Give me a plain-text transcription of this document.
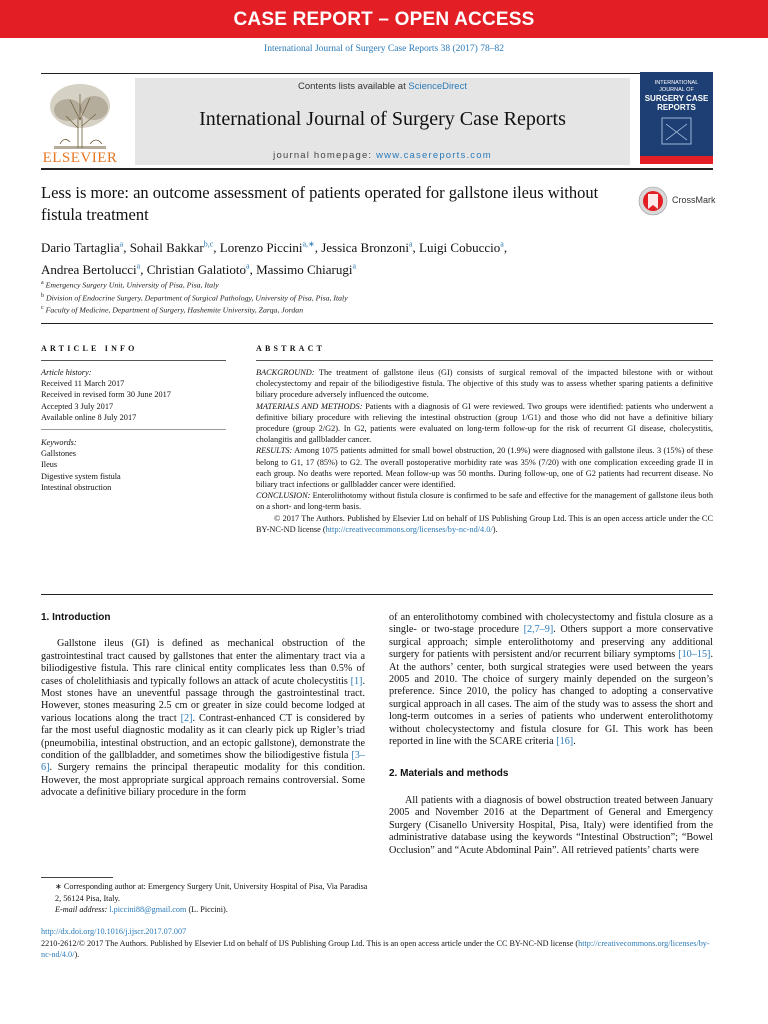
CASE REPORT – OPEN ACCESS
International Journal of Surgery Case Reports 38 (2017) 78–82
ELSEVIER
Contents lists available at ScienceDirect
International Journal of Surgery Case Reports
journal homepage: www.casereports.com
INTERNATIONAL JOURNAL OF
SURGERY CASE REPORTS
Less is more: an outcome assessment of patients operated for gallstone ileus without fistula treatment
CrossMark
Dario Tartaglia$^a$, Sohail Bakkar$^{b,c}$, Lorenzo Piccini$^{a,∗}$, Jessica Bronzoni$^a$, Luigi Cobuccio$^a$,
Andrea Bertolucci$^a$, Christian Galatioto$^a$, Massimo Chiarugi$^a$
$^a$ Emergency Surgery Unit, University of Pisa, Pisa, Italy
$^b$ Division of Endocrine Surgery, Department of Surgical Pathology, University of Pisa, Pisa, Italy
$^c$ Faculty of Medicine, Department of Surgery, Hashemite University, Zarqa, Jordan
ARTICLE INFO	ABSTRACT
Article history:
Received 11 March 2017
Received in revised form 30 June 2017
Accepted 3 July 2017
Available online 8 July 2017
Keywords:
Gallstones
Ileus
Digestive system fistula
Intestinal obstruction
BACKGROUND: The treatment of gallstone ileus (GI) consists of surgical removal of the impacted bilestone with or without cholecystectomy and repair of the biliodigestive fistula. The objective of this study was to assess whether sparing patients a definitive biliary procedure adversely influenced the outcome.
MATERIALS AND METHODS: Patients with a diagnosis of GI were reviewed. Two groups were identified: patients who underwent a definitive biliary procedure with relieving the intestinal obstruction (group 1/G1) and those who did not have a definitive biliary procedure (group 2/G2). In G2, patients were evaluated on long-term follow-up for the risk of recurrent GI disease, cholecystitis, cholangitis and gallbladder cancer.
RESULTS: Among 1075 patients admitted for small bowel obstruction, 20 (1.9%) were diagnosed with gallstone ileus. 3 (15%) of these belong to G1, 17 (85%) to G2. The overall postoperative morbidity rate was 35% (7/20) with one complication exceeding grade II in each group. No deaths were reported. Mean follow-up was 50 months. During follow-up, one of G2 patients had recurrent disease. No biliary tract infections or gallbladder cancer were identified.
CONCLUSION: Enterolithotomy without fistula closure is confirmed to be safe and effective for the management of gallstone ileus both on a short- and long-term basis.
© 2017 The Authors. Published by Elsevier Ltd on behalf of IJS Publishing Group Ltd. This is an open access article under the CC BY-NC-ND license (http://creativecommons.org/licenses/by-nc-nd/4.0/).
1. Introduction

Gallstone ileus (GI) is defined as mechanical obstruction of the gastrointestinal tract caused by gallstones that enter the alimentary tract via a biliodigestive fistula. This rare clinical entity complicates less than 0.5% of cases of cholelithiasis and typically follows an attack of acute cholecystitis [1]. Most stones have an uneventful passage through the gastrointestinal tract. However, stones measuring 2.5 cm or greater in size could become lodged at various locations along the tract [2]. Contrast-enhanced CT is considered by far the most useful diagnostic modality as it can clearly pick up Rigler’s triad (pneumobilia, intestinal obstruction, and an ectopic gallstone), demonstrate the condition of the gallbladder, and sometimes show the biliodigestive fistula [3–6]. Surgery remains the principal therapeutic modality for this condition. However, the most appropriate surgical approach remains controversial. Some advocate a definitive biliary procedure in the form

of an enterolithotomy combined with cholecystectomy and fistula closure as a single- or two-stage procedure [2,7–9]. Others support a more conservative surgical approach; simple enterolithotomy and preserving any additional surgery for patients with persistent and/or recurrent biliary symptoms [10–15]. At the authors’ center, both surgical strategies were used between the years 2005 and 2010. The choice of surgery mainly depended on the surgeon’s preference. Since 2010, the policy has changed to adopting a conservative surgical approach in all cases. The aim of the study was to assess the short and long-term outcomes in a series of patients who underwent enterolithotomy without cholecystectomy and fistula closure for GI. This work has been reported in line with the SCARE criteria [16].

2. Materials and methods

All patients with a diagnosis of bowel obstruction treated between January 2005 and November 2016 at the Department of General and Emergency Surgery (Cisanello University Hospital, Pisa, Italy) were identified from the administrative database using the keywords “Intestinal Obstruction”; “Bowel Occlusion” and “Acute Abdominal Pain”. All retrieved patients’ charts were

∗ Corresponding author at: Emergency Surgery Unit, University Hospital of Pisa, Via Paradisa 2, 56124 Pisa, Italy.
E-mail address: l.piccini88@gmail.com (L. Piccini).
http://dx.doi.org/10.1016/j.ijscr.2017.07.007
2210-2612/© 2017 The Authors. Published by Elsevier Ltd on behalf of IJS Publishing Group Ltd. This is an open access article under the CC BY-NC-ND license (http://creativecommons.org/licenses/by-nc-nd/4.0/).
